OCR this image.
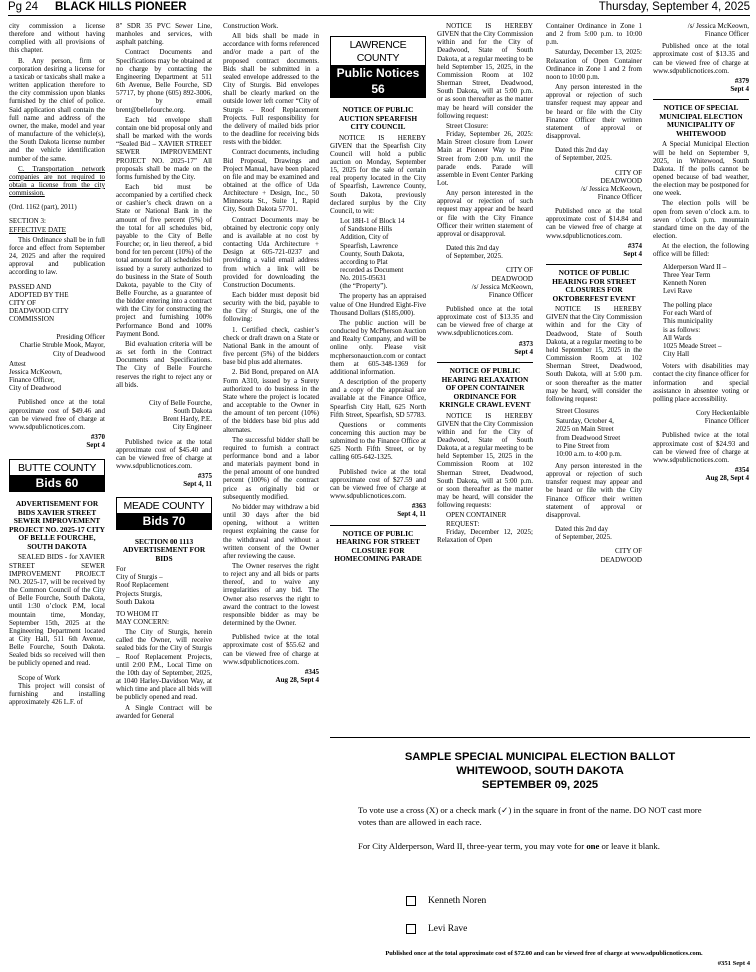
Pg 24 BLACK HILLS PIONEER	Thursday, September 4, 2025

city commission a license therefore and without having complied with all provisions of this chapter.

B. Any person, firm or corporation desiring a license for a taxicab or taxicabs shall make a written application therefore to the city commission upon blanks furnished by the chief of police. Said application shall contain the full name and address of the owner, the make, model and year of manufacture of the vehicle(s), the South Dakota license number and the vehicle identification number of the same.

C. Transportation network companies are not required to obtain a license from the city commission.

(Ord. 1162 (part), 2011)

SECTION 3:

EFFECTIVE DATE

This Ordinance shall be in full force and effect from September 24, 2025 and after the required approval and publication according to law.

PASSED AND ADOPTED BY THE CITY OF DEADWOOD CITY COMMISSION

Presiding Officer

Charlie Struble Mook, Mayor,

City of Deadwood

Attest

Jessica McKeown,

Finance Officer,

City of Deadwood

Published once at the total approximate cost of $49.46 and can be viewed free of charge at www.sdpublicnotices.com.

#370
Sept 4
BUTTE COUNTY
Bids 60

ADVERTISEMENT FOR BIDS XAVIER STREET SEWER IMPROVEMENT PROJECT NO. 2025-17 CITY OF BELLE FOURCHE, SOUTH DAKOTA

SEALED BIDS - for XAVIER STREET SEWER IMPROVEMENT PROJECT NO. 2025-17, will be received by the Common Council of the City of Belle Fourche, South Dakota, until 1:30 o’clock P.M, local mountain time, Monday, September 15th, 2025 at the Engineering Department located at City Hall, 511 6th Avenue, Belle Fourche, South Dakota. Sealed bids so received will then be publicly opened and read.

Scope of Work

This project will consist of furnishing and installing approximately 426 L.F. of

8" SDR 35 PVC Sewer Line, manholes and services, with asphalt patching.

Contract Documents and Specifications may be obtained at no charge by contacting the Engineering Department at 511 6th Avenue, Belle Fourche, SD 57717, by phone (605) 892-3006, or by email brent@bellefourche.org.

Each bid envelope shall contain one bid proposal only and shall be marked with the words “Sealed Bid – XAVIER STREET SEWER IMPROVEMENT PROJECT NO. 2025-17” All proposals shall be made on the forms furnished by the City.

Each bid must be accompanied by a certified check or cashier’s check drawn on a State or National Bank in the amount of five percent (5%) of the total for all schedules bid, payable to the City of Belle Fourche; or, in lieu thereof, a bid bond for ten percent (10%) of the total amount for all schedules bid issued by a surety authorized to do business in the State of South Dakota, payable to the City of Belle Fourche, as a guarantee of the bidder entering into a contract with the City for constructing the project and furnishing 100% Performance Bond and 100% Payment Bond.

Bid evaluation criteria will be as set forth in the Contract Documents and Specifications. The City of Belle Fourche reserves the right to reject any or all bids.

City of Belle Fourche,

South Dakota

Brent Hardy, P.E.

City Engineer

Published twice at the total approximate cost of $45.40 and can be viewed free of charge at www.sdpublicnotices.com.

#375
Sept 4, 11
MEADE COUNTY
Bids 70

SECTION 00 1113 ADVERTISEMENT FOR BIDS

For

City of Sturgis –

Roof Replacement

Projects Sturgis,

South Dakota

TO WHOM IT

MAY CONCERN:

The City of Sturgis, herein called the Owner, will receive sealed bids for the City of Sturgis – Roof Replacement Projects, until 2:00 P.M., Local Time on the 10th day of September, 2025, at 1040 Harley-Davidson Way, at which time and place all bids will be publicly opened and read.

A Single Contract will be awarded for General

Construction Work.

All bids shall be made in accordance with forms referenced and/or made a part of the proposed contract documents. Bids shall be submitted in a sealed envelope addressed to the City of Sturgis. Bid envelopes shall be clearly marked on the outside lower left corner “City of Sturgis – Roof Replacement Projects. Full responsibility for the delivery of mailed bids prior to the deadline for receiving bids rests with the bidder.

Contract documents, including Bid Proposal, Drawings and Project Manual, have been placed on file and may be examined and obtained at the office of Uda Architecture + Design, Inc., 50 Minnesota St., Suite 1, Rapid City, South Dakota 57701.

Contract Documents may be obtained by electronic copy only and is available at no cost by contacting Uda Architecture + Design at 605-721-0237 and providing a valid email address from which a link will be provided for downloading the Construction Documents.

Each bidder must deposit bid security with the bid, payable to the City of Sturgis, one of the following:

1. Certified check, cashier’s check or draft drawn on a State or National Bank in the amount of five percent (5%) of the bidders base bid plus add alternates.

2. Bid Bond, prepared on AIA Form A310, issued by a Surety authorized to do business in the State where the project is located and acceptable to the Owner in the amount of ten percent (10%) of the bidders base bid plus add alternates.

The successful bidder shall be required to furnish a contract performance bond and a labor and materials payment bond in the penal amount of one hundred percent (100%) of the contract price as originally bid or subsequently modified.

No bidder may withdraw a bid until 30 days after the bid opening, without a written request explaining the cause for the withdrawal and without a written consent of the Owner after reviewing the cause.

The Owner reserves the right to reject any and all bids or parts thereof, and to waive any irregularities of any bid. The Owner also reserves the right to award the contract to the lowest responsible bidder as may be determined by the Owner.

Published twice at the total approximate cost of $55.62 and can be viewed free of charge at www.sdpublicnotices.com.

#345
Aug 28, Sept 4
LAWRENCE COUNTY
Public Notices 56

NOTICE OF PUBLIC AUCTION SPEARFISH CITY COUNCIL

NOTICE IS HEREBY GIVEN that the Spearfish City Council will hold a public auction on Monday, September 15, 2025 for the sale of certain real property located in the City of Spearfish, Lawrence County, South Dakota, previously declared surplus by the City Council, to wit:

Lot 18H-1 of Block 14

of Sandstone Hills

Addition, City of

Spearfish, Lawrence

County, South Dakota,

according to Plat

recorded as Document

No. 2015-05631

(the “Property”).

The property has an appraised value of One Hundred Eight-Five Thousand Dollars ($185,000).

The public auction will be conducted by McPherson Auction and Realty Company, and will be online only. Please visit mcphersonauction.com or contact them at 605-348-1369 for additional information.

A description of the property and a copy of the appraisal are available at the Finance Office, Spearfish City Hall, 625 North Fifth Street, Spearfish, SD 57783.

Questions or comments concerning this auction may be submitted to the Finance Office at 625 North Fifth Street, or by calling 605-642-1325.

Published twice at the total approximate cost of $27.59 and can be viewed free of charge at www.sdpublicnotices.com.

#363
Sept 4, 11

NOTICE OF PUBLIC HEARING FOR STREET CLOSURE FOR HOMECOMING PARADE

NOTICE IS HEREBY GIVEN that the City Commission within and for the City of Deadwood, State of South Dakota, at a regular meeting to be held September 15, 2025, in the Commission Room at 102 Sherman Street, Deadwood, South Dakota, will at 5:00 p.m. or as soon thereafter as the matter may be heard will consider the following request:

Street Closure:

Friday, September 26, 2025: Main Street closure from Lower Main at Pioneer Way to Pine Street from 2:00 p.m. until the parade ends. Parade will assemble in Event Center Parking Lot.

Any person interested in the approval or rejection of such request may appear and be heard or file with the City Finance Officer their written statement of approval or disapproval.

Dated this 2nd day

of September, 2025.

CITY OF

DEADWOOD

/s/ Jessica McKeown,

Finance Officer

Published once at the total approximate cost of $13.35 and can be viewed free of charge at www.sdpublicnotices.com.

#373
Sept 4

NOTICE OF PUBLIC HEARING RELAXATION OF OPEN CONTAINER ORDINANCE FOR KRINGLE CRAWL EVENT

NOTICE IS HEREBY GIVEN that the City Commission within and for the City of Deadwood, State of South Dakota, at a regular meeting to be held September 15, 2025 in the Commission Room at 102 Sherman Street, Deadwood, South Dakota, will at 5:00 p.m. or soon thereafter as the matter may be heard, will consider the following requests:

OPEN CONTAINER

REQUEST:

Friday, December 12, 2025; Relaxation of Open

Container Ordinance in Zone 1 and 2 from 5:00 p.m. to 10:00 p.m.

Saturday, December 13, 2025: Relaxation of Open Container Ordinance in Zone 1 and 2 from noon to 10:00 p.m.

Any person interested in the approval or rejection of such transfer request may appear and be heard or file with the City Finance Officer their written statement of approval or disapproval.

Dated this 2nd day

of September, 2025.

CITY OF

DEADWOOD

/s/ Jessica McKeown,

Finance Officer

Published once at the total approximate cost of $14.84 and can be viewed free of charge at www.sdpublicnotices.com.

#374
Sept 4

NOTICE OF PUBLIC HEARING FOR STREET CLOSURES FOR OKTOBERFEST EVENT

NOTICE IS HEREBY GIVEN that the City Commission within and for the City of Deadwood, State of South Dakota, at a regular meeting to be held September 15, 2025 in the Commission Room at 102 Sherman Street, Deadwood, South Dakota, will at 5:00 p.m. or soon thereafter as the matter may be heard, will consider the following request:

Street Closures

Saturday, October 4,

2025 on Main Street

from Deadwood Street

to Pine Street from

10:00 a.m. to 4:00 p.m.

Any person interested in the approval or rejection of such transfer request may appear and be heard or file with the City Finance Officer their written statement of approval or disapproval.

Dated this 2nd day

of September, 2025.

CITY OF

DEADWOOD

/s/ Jessica McKeown,

Finance Officer

Published once at the total approximate cost of $13.35 and can be viewed free of charge at www.sdpublicnotices.com.

#379
Sept 4

NOTICE OF SPECIAL MUNICIPAL ELECTION MUNICIPALITY OF WHITEWOOD

A Special Municipal Election will be held on September 9, 2025, in Whitewood, South Dakota. If the polls cannot be opened because of bad weather, the election may be postponed for one week.

The election polls will be open from seven o’clock a.m. to seven o’clock p.m. mountain standard time on the day of the election.

At the election, the following office will be filled:

Alderperson Ward II –

Three Year Term

Kenneth Noren

Levi Rave

The polling place

For each Ward of

This municipality

is as follows:

All Wards

1025 Meade Street –

City Hall

Voters with disabilities may contact the city finance officer for information and special assistance in absentee voting or polling place accessibility.

Cory Heckenlaible

Finance Officer

Published twice at the total approximate cost of $24.93 and can be viewed free of charge at www.sdpublicnotices.com.

#354
Aug 28, Sept 4
SAMPLE SPECIAL MUNICIPAL ELECTION BALLOT
WHITEWOOD, SOUTH DAKOTA
SEPTEMBER 09, 2025

To vote use a cross (X) or a check mark (✓) in the square in front of the name. DO NOT cast more votes than are allowed in each race.

For City Alderperson, Ward II, three-year term, you may vote for one or leave it blank.

Kenneth Noren
Levi Rave
Published once at the total approximate cost of $72.00 and can be viewed free of charge at www.sdpublicnotices.com.
#351 Sept 4
